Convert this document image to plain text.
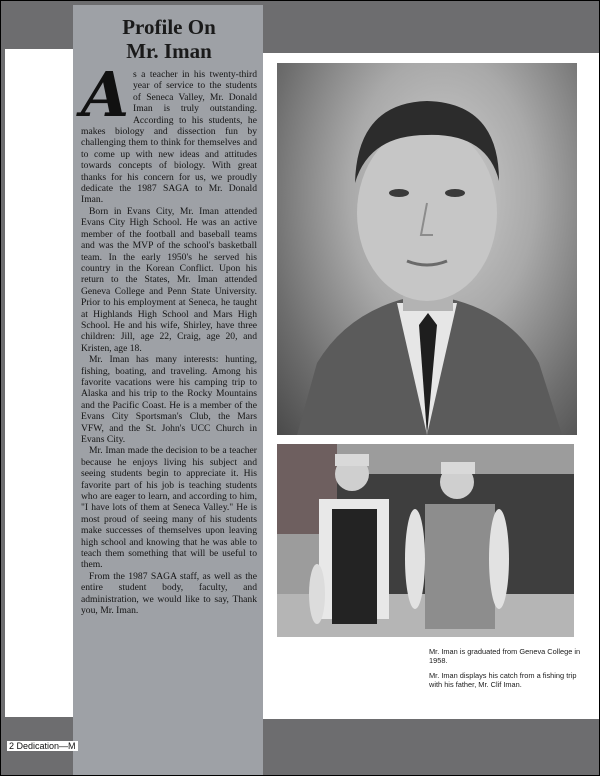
Profile On
Mr. Iman

As a teacher in his twenty-third year of service to the students of Seneca Valley, Mr. Donald Iman is truly outstanding. According to his students, he makes biology and dissection fun by challenging them to think for themselves and to come up with new ideas and attitudes towards concepts of biology. With great thanks for his concern for us, we proudly dedicate the 1987 SAGA to Mr. Donald Iman.

Born in Evans City, Mr. Iman attended Evans City High School. He was an active member of the football and baseball teams and was the MVP of the school's basketball team. In the early 1950's he served his country in the Korean Conflict. Upon his return to the States, Mr. Iman attended Geneva College and Penn State University. Prior to his employment at Seneca, he taught at Highlands High School and Mars High School. He and his wife, Shirley, have three children: Jill, age 22, Craig, age 20, and Kristen, age 18.

Mr. Iman has many interests: hunting, fishing, boating, and traveling. Among his favorite vacations were his camping trip to Alaska and his trip to the Rocky Mountains and the Pacific Coast. He is a member of the Evans City Sportsman's Club, the Mars VFW, and the St. John's UCC Church in Evans City.

Mr. Iman made the decision to be a teacher because he enjoys living his subject and seeing students begin to appreciate it. His favorite part of his job is teaching students who are eager to learn, and according to him, "I have lots of them at Seneca Valley." He is most proud of seeing many of his students make successes of themselves upon leaving high school and knowing that he was able to teach them something that will be useful to them.

From the 1987 SAGA staff, as well as the entire student body, faculty, and administration, we would like to say, Thank you, Mr. Iman.

Mr. Iman is graduated from Geneva College in 1958.

Mr. Iman displays his catch from a fishing trip with his father, Mr. Clif Iman.

2 Dedication—M
